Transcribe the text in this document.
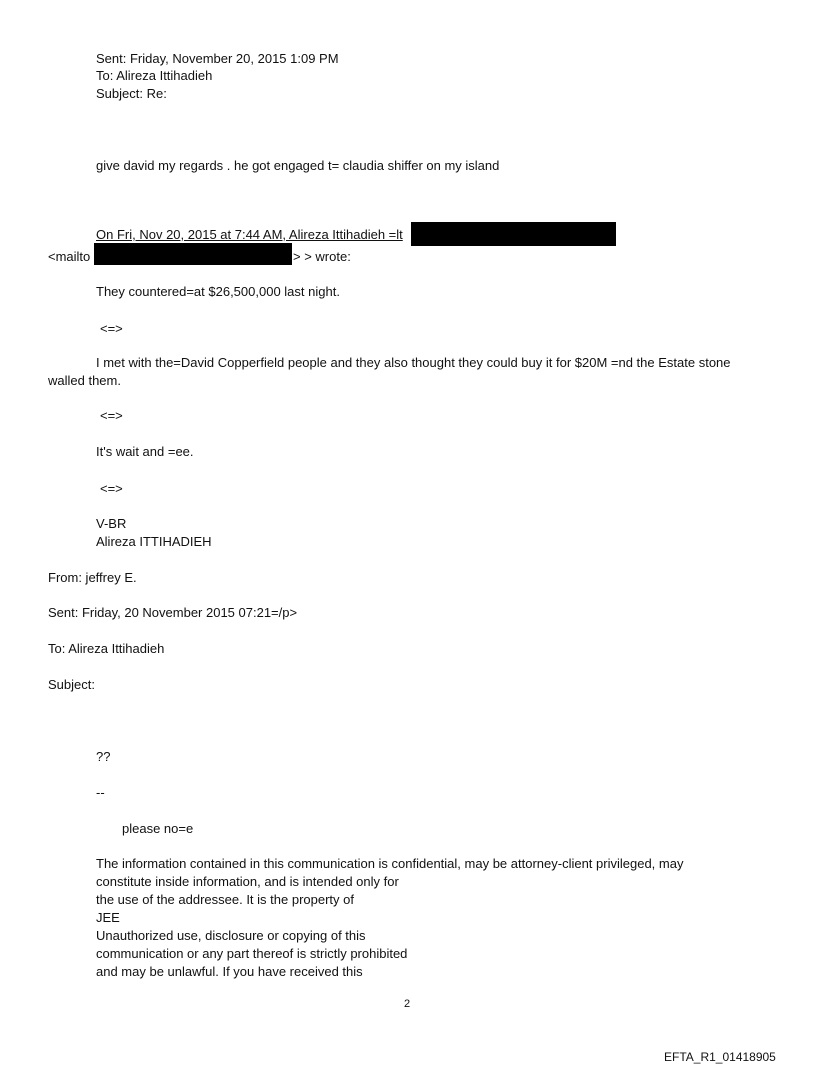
Sent: Friday, November 20, 2015 1:09 PM
To: Alireza Ittihadieh
Subject: Re:
give david my regards . he got engaged t= claudia shiffer on my island
On Fri, Nov 20, 2015 at 7:44 AM, Alireza Ittihadieh =lt
<mailto	> > wrote:
They countered=at $26,500,000 last night.
<=>
I met with the=David Copperfield people and they also thought they could buy it for $20M =nd the Estate stone
walled them.
<=>
It's wait and =ee.
<=>
V-BR
Alireza ITTIHADIEH
From: jeffrey E.
Sent: Friday, 20 November 2015 07:21=/p>
To: Alireza Ittihadieh
Subject:
??
--
please no=e
The information contained in this communication is confidential, may be attorney-client privileged, may
constitute inside information, and is intended only for
the use of the addressee. It is the property of
JEE
Unauthorized use, disclosure or copying of this
communication or any part thereof is strictly prohibited
and may be unlawful. If you have received this
2
EFTA_R1_01418905
